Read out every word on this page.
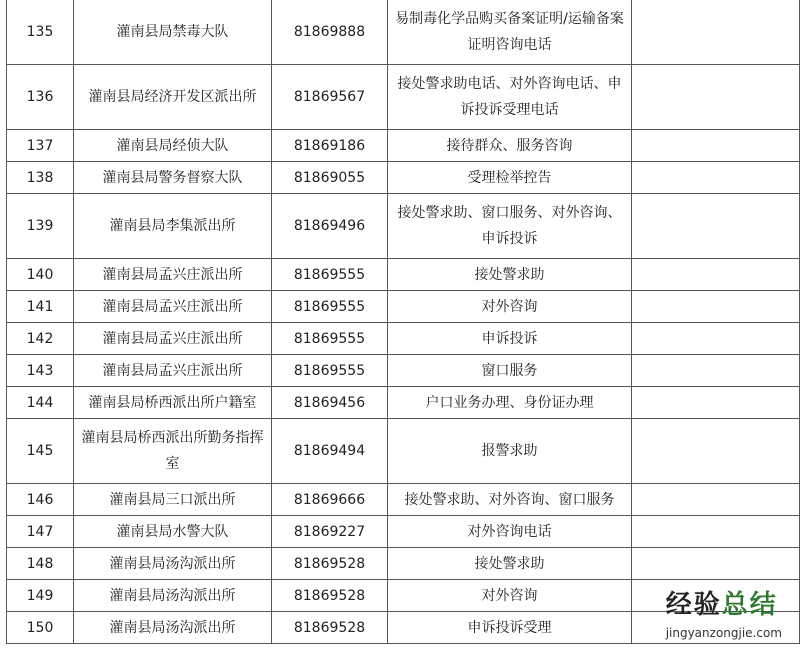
135	灌南县局禁毒大队	81869888	易制毒化学品购买备案证明/运输备案证明咨询电话	
136	灌南县局经济开发区派出所	81869567	接处警求助电话、对外咨询电话、申诉投诉受理电话	
137	灌南县局经侦大队	81869186	接待群众、服务咨询	
138	灌南县局警务督察大队	81869055	受理检举控告	
139	灌南县局李集派出所	81869496	接处警求助、窗口服务、对外咨询、申诉投诉	
140	灌南县局孟兴庄派出所	81869555	接处警求助	
141	灌南县局孟兴庄派出所	81869555	对外咨询	
142	灌南县局孟兴庄派出所	81869555	申诉投诉	
143	灌南县局孟兴庄派出所	81869555	窗口服务	
144	灌南县局桥西派出所户籍室	81869456	户口业务办理、身份证办理	
145	灌南县局桥西派出所勤务指挥室	81869494	报警求助	
146	灌南县局三口派出所	81869666	接处警求助、对外咨询、窗口服务	
147	灌南县局水警大队	81869227	对外咨询电话	
148	灌南县局汤沟派出所	81869528	接处警求助	
149	灌南县局汤沟派出所	81869528	对外咨询	
150	灌南县局汤沟派出所	81869528	申诉投诉受理	
经验总结
jingyanzongjie.com
